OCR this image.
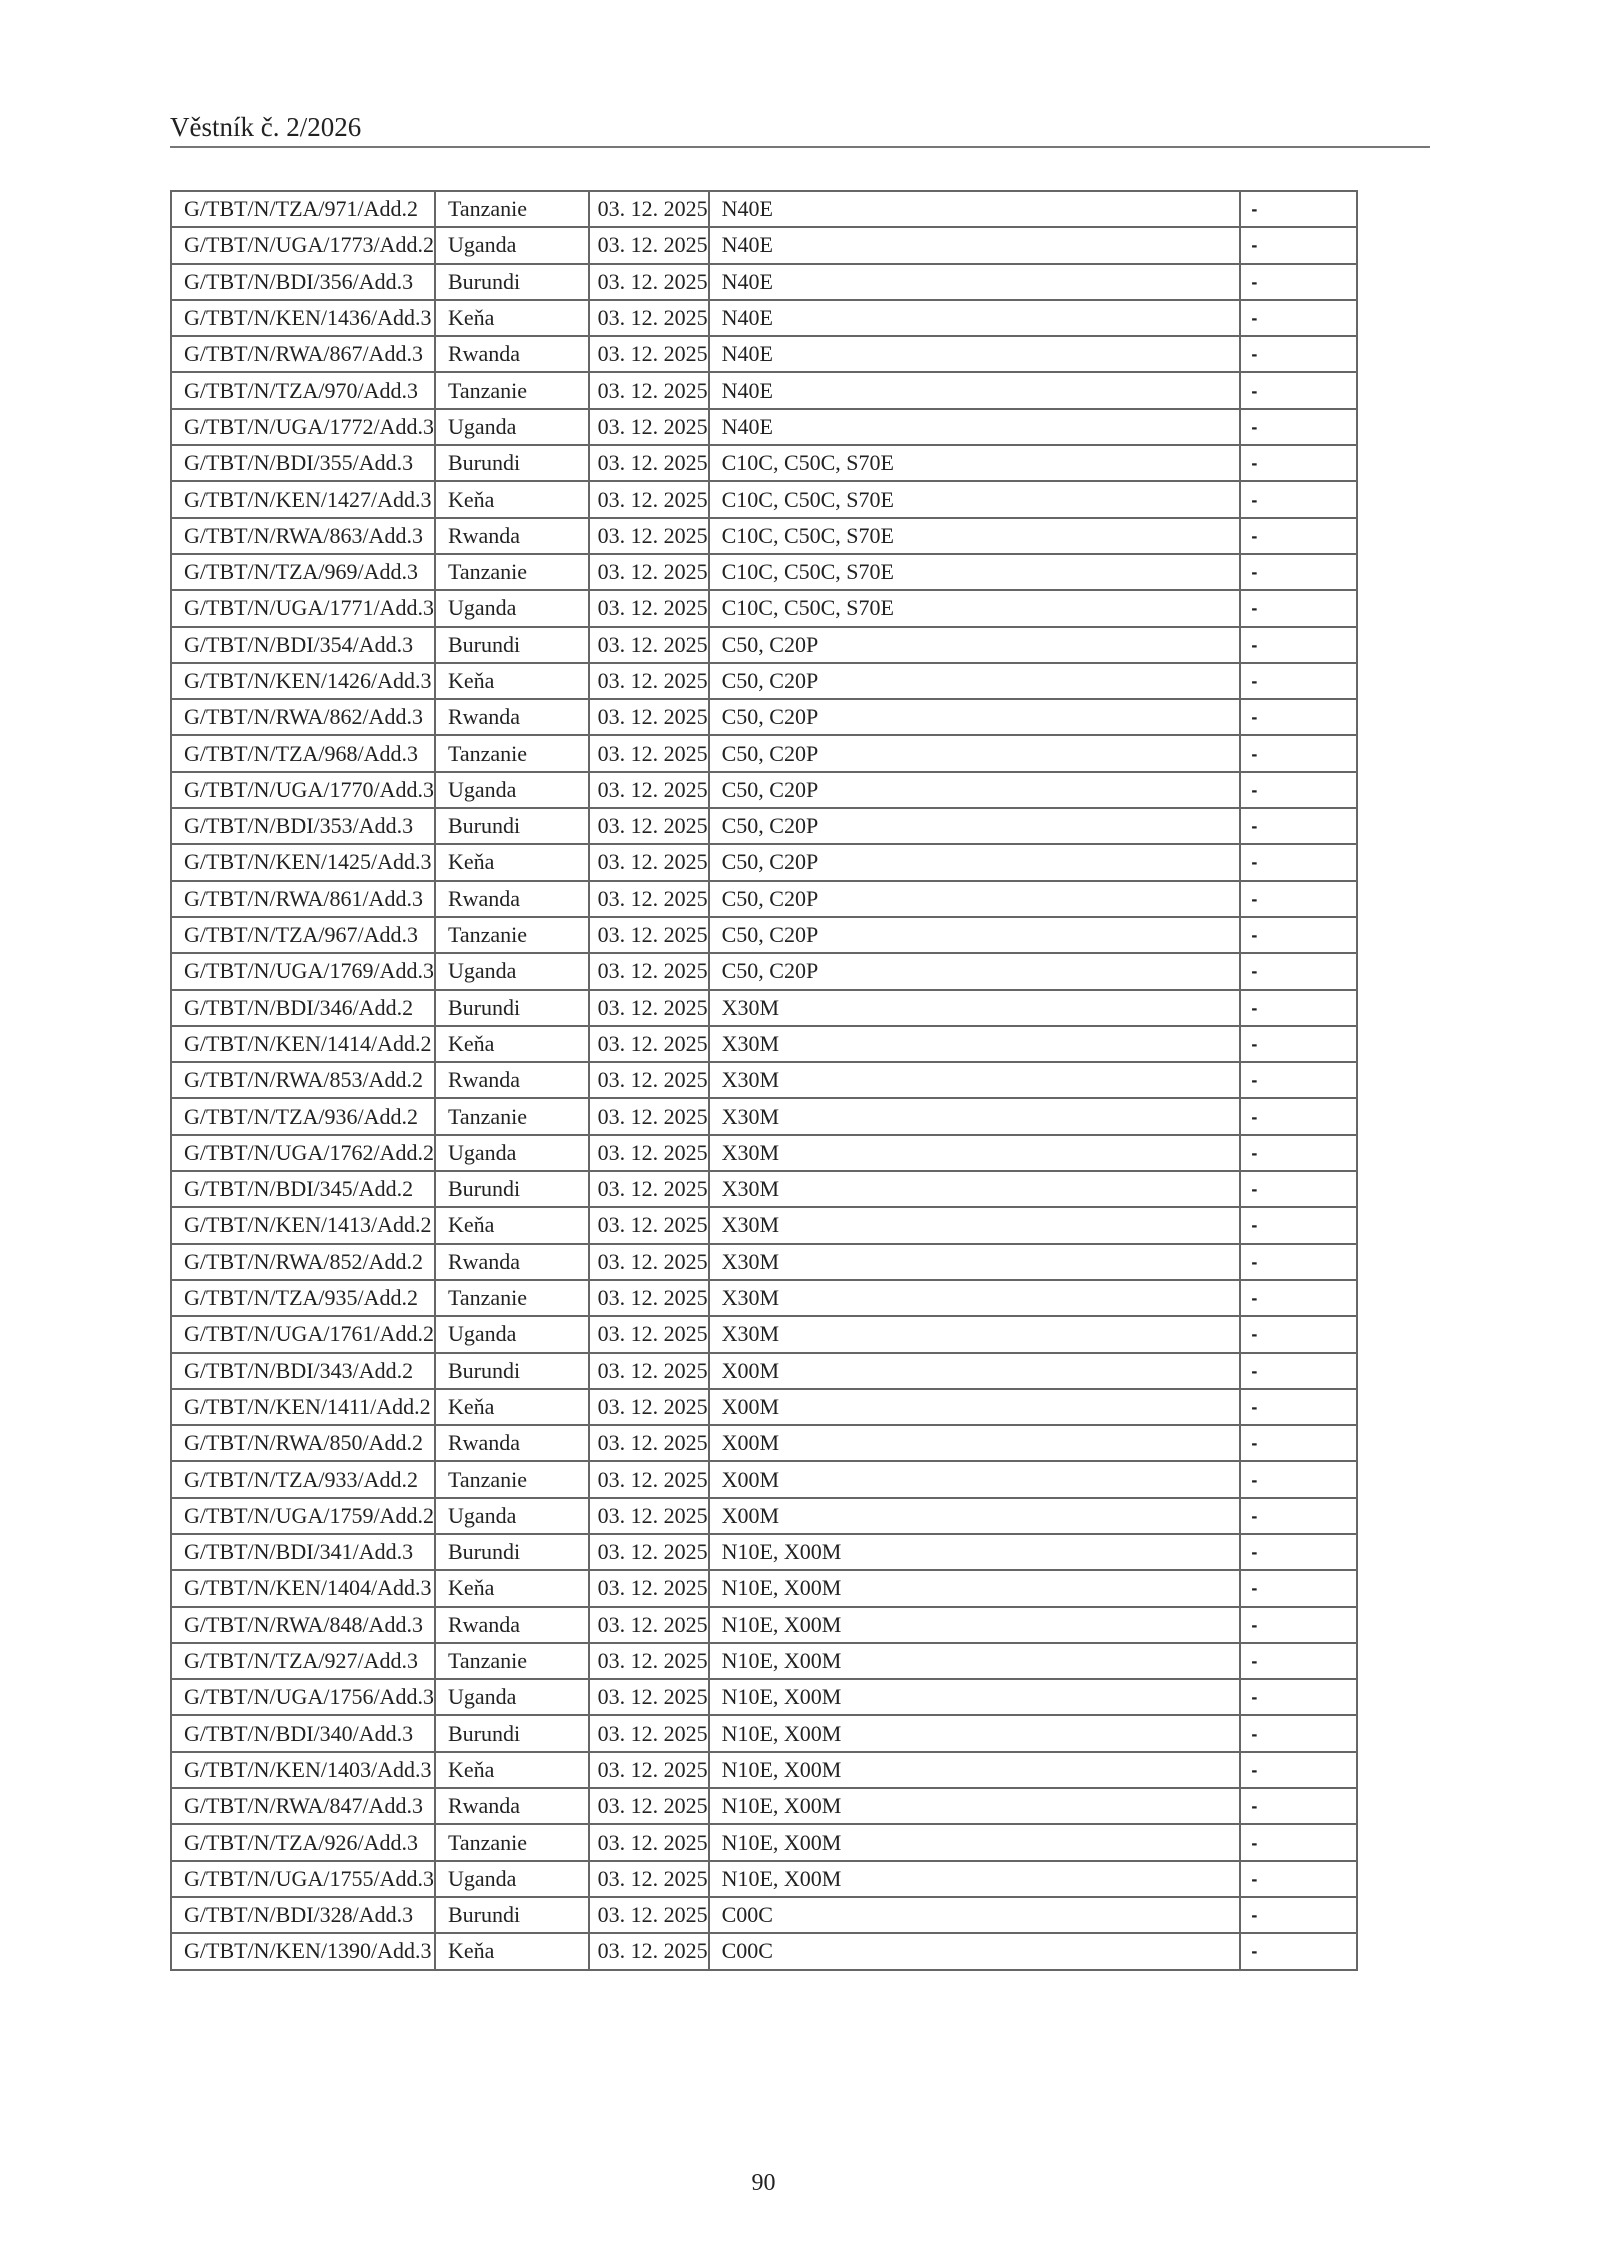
Věstník č. 2/2026
G/TBT/N/TZA/971/Add.2	Tanzanie	03. 12. 2025	N40E	-
G/TBT/N/UGA/1773/Add.2	Uganda	03. 12. 2025	N40E	-
G/TBT/N/BDI/356/Add.3	Burundi	03. 12. 2025	N40E	-
G/TBT/N/KEN/1436/Add.3	Keňa	03. 12. 2025	N40E	-
G/TBT/N/RWA/867/Add.3	Rwanda	03. 12. 2025	N40E	-
G/TBT/N/TZA/970/Add.3	Tanzanie	03. 12. 2025	N40E	-
G/TBT/N/UGA/1772/Add.3	Uganda	03. 12. 2025	N40E	-
G/TBT/N/BDI/355/Add.3	Burundi	03. 12. 2025	C10C, C50C, S70E	-
G/TBT/N/KEN/1427/Add.3	Keňa	03. 12. 2025	C10C, C50C, S70E	-
G/TBT/N/RWA/863/Add.3	Rwanda	03. 12. 2025	C10C, C50C, S70E	-
G/TBT/N/TZA/969/Add.3	Tanzanie	03. 12. 2025	C10C, C50C, S70E	-
G/TBT/N/UGA/1771/Add.3	Uganda	03. 12. 2025	C10C, C50C, S70E	-
G/TBT/N/BDI/354/Add.3	Burundi	03. 12. 2025	C50, C20P	-
G/TBT/N/KEN/1426/Add.3	Keňa	03. 12. 2025	C50, C20P	-
G/TBT/N/RWA/862/Add.3	Rwanda	03. 12. 2025	C50, C20P	-
G/TBT/N/TZA/968/Add.3	Tanzanie	03. 12. 2025	C50, C20P	-
G/TBT/N/UGA/1770/Add.3	Uganda	03. 12. 2025	C50, C20P	-
G/TBT/N/BDI/353/Add.3	Burundi	03. 12. 2025	C50, C20P	-
G/TBT/N/KEN/1425/Add.3	Keňa	03. 12. 2025	C50, C20P	-
G/TBT/N/RWA/861/Add.3	Rwanda	03. 12. 2025	C50, C20P	-
G/TBT/N/TZA/967/Add.3	Tanzanie	03. 12. 2025	C50, C20P	-
G/TBT/N/UGA/1769/Add.3	Uganda	03. 12. 2025	C50, C20P	-
G/TBT/N/BDI/346/Add.2	Burundi	03. 12. 2025	X30M	-
G/TBT/N/KEN/1414/Add.2	Keňa	03. 12. 2025	X30M	-
G/TBT/N/RWA/853/Add.2	Rwanda	03. 12. 2025	X30M	-
G/TBT/N/TZA/936/Add.2	Tanzanie	03. 12. 2025	X30M	-
G/TBT/N/UGA/1762/Add.2	Uganda	03. 12. 2025	X30M	-
G/TBT/N/BDI/345/Add.2	Burundi	03. 12. 2025	X30M	-
G/TBT/N/KEN/1413/Add.2	Keňa	03. 12. 2025	X30M	-
G/TBT/N/RWA/852/Add.2	Rwanda	03. 12. 2025	X30M	-
G/TBT/N/TZA/935/Add.2	Tanzanie	03. 12. 2025	X30M	-
G/TBT/N/UGA/1761/Add.2	Uganda	03. 12. 2025	X30M	-
G/TBT/N/BDI/343/Add.2	Burundi	03. 12. 2025	X00M	-
G/TBT/N/KEN/1411/Add.2	Keňa	03. 12. 2025	X00M	-
G/TBT/N/RWA/850/Add.2	Rwanda	03. 12. 2025	X00M	-
G/TBT/N/TZA/933/Add.2	Tanzanie	03. 12. 2025	X00M	-
G/TBT/N/UGA/1759/Add.2	Uganda	03. 12. 2025	X00M	-
G/TBT/N/BDI/341/Add.3	Burundi	03. 12. 2025	N10E, X00M	-
G/TBT/N/KEN/1404/Add.3	Keňa	03. 12. 2025	N10E, X00M	-
G/TBT/N/RWA/848/Add.3	Rwanda	03. 12. 2025	N10E, X00M	-
G/TBT/N/TZA/927/Add.3	Tanzanie	03. 12. 2025	N10E, X00M	-
G/TBT/N/UGA/1756/Add.3	Uganda	03. 12. 2025	N10E, X00M	-
G/TBT/N/BDI/340/Add.3	Burundi	03. 12. 2025	N10E, X00M	-
G/TBT/N/KEN/1403/Add.3	Keňa	03. 12. 2025	N10E, X00M	-
G/TBT/N/RWA/847/Add.3	Rwanda	03. 12. 2025	N10E, X00M	-
G/TBT/N/TZA/926/Add.3	Tanzanie	03. 12. 2025	N10E, X00M	-
G/TBT/N/UGA/1755/Add.3	Uganda	03. 12. 2025	N10E, X00M	-
G/TBT/N/BDI/328/Add.3	Burundi	03. 12. 2025	C00C	-
G/TBT/N/KEN/1390/Add.3	Keňa	03. 12. 2025	C00C	-
90
